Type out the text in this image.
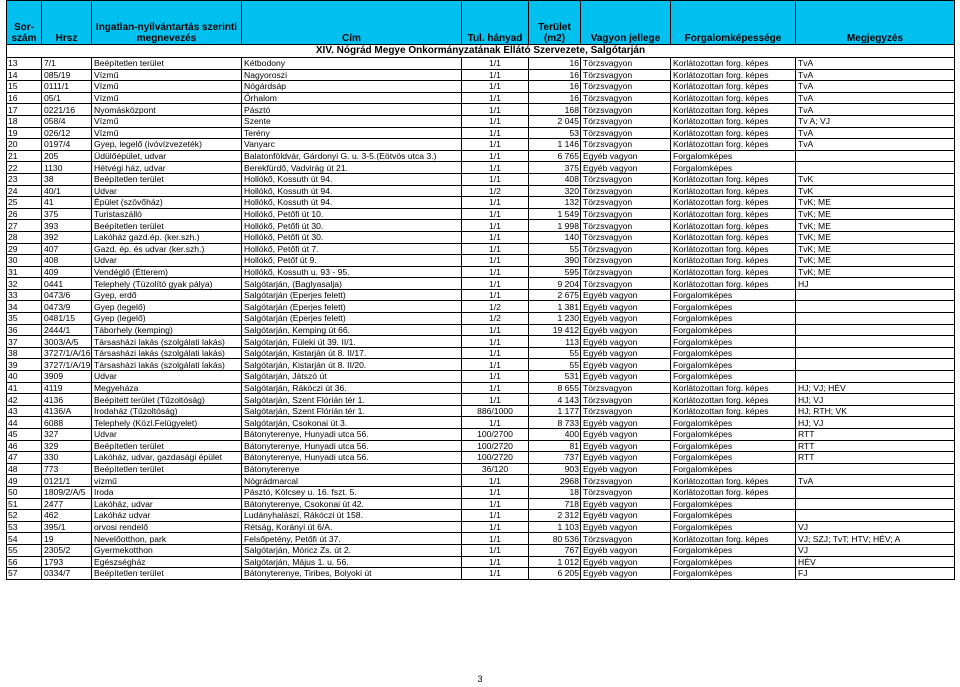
Sor-szám	Hrsz	Ingatlan-nyilvántartás szerinti megnevezés	Cím	Tul. hányad	Terület (m2)	Vagyon jellege	Forgalomképessége	Megjegyzés
XIV. Nógrád Megye Önkormányzatának Ellátó Szervezete, Salgótarján								
13	7/1	Beépítetlen terület	Kétbodony	1/1	16	Törzsvagyon	Korlátozottan forg. képes	TvA
14	085/19	Vízmű	Nagyoroszi	1/1	16	Törzsvagyon	Korlátozottan forg. képes	TvA
15	0111/1	Vízmű	Nógárdsáp	1/1	16	Törzsvagyon	Korlátozottan forg. képes	TvA
16	05/1	Vízmű	Őrhalom	1/1	16	Törzsvagyon	Korlátozottan forg. képes	TvA
17	0221/16	Nyomásközpont	Pásztó	1/1	168	Törzsvagyon	Korlátozottan forg. képes	TvA
18	058/4	Vízmű	Szente	1/1	2 045	Törzsvagyon	Korlátozottan forg. képes	Tv A; VJ
19	026/12	Vízmű	Terény	1/1	53	Törzsvagyon	Korlátozottan forg. képes	TvA
20	0197/4	Gyep, legelő (ivóvízvezeték)	Vanyarc	1/1	1 146	Törzsvagyon	Korlátozottan forg. képes	TvA
21	205	Üdülőépület, udvar	Balatonföldvár, Gárdonyi G. u. 3-5.(Eötvös utca 3.)	1/1	6 765	Egyéb vagyon	Forgalomképes	
22	1130	Hétvégi ház, udvar	Berekfürdő, Vadvirág út 21.	1/1	375	Egyéb vagyon	Forgalomképes	
23	38	Beépítetlen terület	Hollókő, Kossuth út 94.	1/1	408	Törzsvagyon	Korlátozottan forg. képes	TvK
24	40/1	Udvar	Hollókő, Kossuth út 94.	1/2	320	Törzsvagyon	Korlátozottan forg. képes	TvK
25	41	Épület (szövőház)	Hollókő, Kossuth út 94.	1/1	132	Törzsvagyon	Korlátozottan forg. képes	TvK; ME
26	375	Turistaszálló	Hollókő, Petőfi út 10.	1/1	1 549	Törzsvagyon	Korlátozottan forg. képes	TvK; ME
27	393	Beépítetlen terület	Hollókő, Petőfi út 30.	1/1	1 998	Törzsvagyon	Korlátozottan forg. képes	TvK; ME
28	392	Lakóház gazd.ép. (ker.szh.)	Hollókő, Petőfi út 30.	1/1	140	Törzsvagyon	Korlátozottan forg. képes	TvK; ME
29	407	Gazd. ép. és udvar (ker.szh.)	Hollókő, Petőfi út 7.	1/1	55	Törzsvagyon	Korlátozottan forg. képes	TvK; ME
30	408	Udvar	Hollókő, Petőf út 9.	1/1	390	Törzsvagyon	Korlátozottan forg. képes	TvK; ME
31	409	Vendéglő (Étterem)	Hollókő, Kossuth u. 93 - 95.	1/1	595	Törzsvagyon	Korlátozottan forg. képes	TvK; ME
32	0441	Telephely (Tüzolító gyak pálya)	Salgótarján, (Baglyasalja)	1/1	9 204	Törzsvagyon	Korlátozottan forg. képes	HJ
33	0473/6	Gyep, erdő	Salgótarján (Eperjes felett)	1/1	2 675	Egyéb vagyon	Forgalomképes	
34	0473/9	Gyep (legelő)	Salgótarján (Eperjes felett)	1/2	1 381	Egyéb vagyon	Forgalomképes	
35	0481/15	Gyep (legelő)	Salgótarján (Eperjes felett)	1/2	1 230	Egyéb vagyon	Forgalomképes	
36	2444/1	Táborhely (kemping)	Salgótarján, Kemping út 66.	1/1	19 412	Egyéb vagyon	Forgalomképes	
37	3003/A/5	Társasházi lakás (szolgálati lakás)	Salgótarján, Füleki út 39. II/1.	1/1	113	Egyéb vagyon	Forgalomképes	
38	3727/1/A/16	Társasházi lakás (szolgálati lakás)	Salgótarján, Kistarján út 8. II/17.	1/1	55	Egyéb vagyon	Forgalomképes	
39	3727/1/A/19	Társasházi lakás (szolgálati lakás)	Salgótarján, Kistarján út 8. II/20.	1/1	55	Egyéb vagyon	Forgalomképes	
40	3909	Udvar	Salgótarján, Játszó út	1/1	531	Egyéb vagyon	Forgalomképes	
41	4119	Megyeháza	Salgótarján, Rákóczi út 36.	1/1	8 655	Törzsvagyon	Korlátozottan forg. képes	HJ; VJ; HÉV
42	4136	Beépített terület (Tűzoltóság)	Salgótarján, Szent Flórián tér 1.	1/1	4 143	Törzsvagyon	Korlátozottan forg. képes	HJ; VJ
43	4136/A	Irodaház (Tűzoltóság)	Salgótarján, Szent Flórián tér 1.	886/1000	1 177	Törzsvagyon	Korlátozottan forg. képes	HJ; RTH; VK
44	6088	Telephely (Közl.Felügyelet)	Salgótarján, Csokonai út 3.	1/1	8 733	Egyéb vagyon	Forgalomképes	HJ; VJ
45	327	Udvar	Bátonyterenye, Hunyadi utca 56.	100/2700	400	Egyéb vagyon	Forgalomképes	RTT
46	329	Beépítetlen terület	Bátonyterenye, Hunyadi utca 56.	100/2720	81	Egyéb vagyon	Forgalomképes	RTT
47	330	Lakóház, udvar, gazdasági épület	Bátonyterenye, Hunyadi utca 56.	100/2720	737	Egyéb vagyon	Forgalomképes	RTT
48	773	Beépítetlen terület	Bátonyterenye	36/120	903	Egyéb vagyon	Forgalomképes	
49	0121/1	vízmű	Nógrádmarcal	1/1	2968	Törzsvagyon	Korlátozottan forg. képes	TvA
50	1809/2/A/5	Iroda	Pásztó, Kölcsey u. 16. fszt. 5.	1/1	18	Törzsvagyon	Korlátozottan forg. képes	
51	2477	Lakóház, udvar	Bátonyterenye, Csokonai út 42.	1/1	718	Egyéb vagyon	Forgalomképes	
52	462	Lakóház udvar	Ludányhalászi, Rákóczi út 158.	1/1	2 312	Egyéb vagyon	Forgalomképes	
53	395/1	orvosi rendelő	Rétság, Korányi út 6/A.	1/1	1 103	Egyéb vagyon	Forgalomképes	VJ
54	19	Nevelőotthon, park	Felsőpetény, Petőfi út 37.	1/1	80 536	Törzsvagyon	Korlátozottan forg. képes	VJ; SZJ; TvT; HTV; HÉV; A
55	2305/2	Gyermekotthon	Salgótarján, Móricz Zs. út 2.	1/1	767	Egyéb vagyon	Forgalomképes	VJ
56	1793	Egészségház	Salgótarján, Május 1. u. 56.	1/1	1 012	Egyéb vagyon	Forgalomképes	HÉV
57	0334/7	Beépítetlen terület	Bátonyterenye, Tiribes, Bolyoki út	1/1	6 205	Egyéb vagyon	Forgalomképes	FJ
3
